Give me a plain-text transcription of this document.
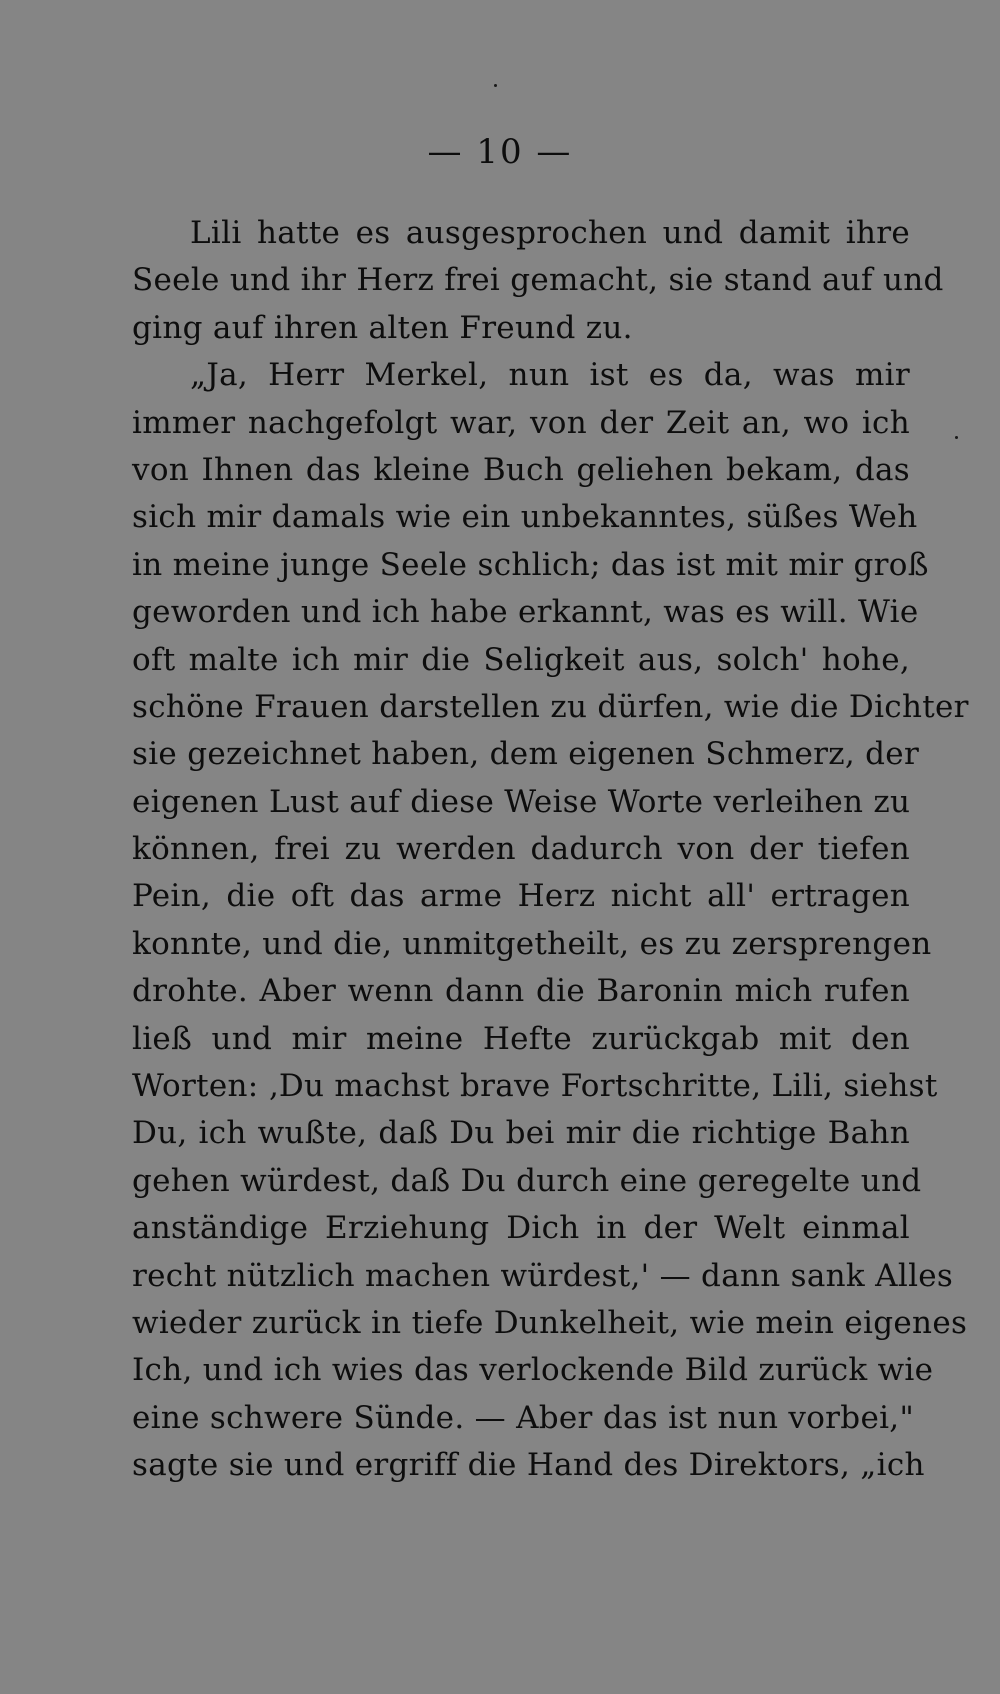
— 10 —
Lili hatte es ausgesprochen und damit ihre
Seele und ihr Herz frei gemacht, sie stand auf und
ging auf ihren alten Freund zu.
„Ja, Herr Merkel, nun ist es da, was mir
immer nachgefolgt war, von der Zeit an, wo ich
von Ihnen das kleine Buch geliehen bekam, das
sich mir damals wie ein unbekanntes, süßes Weh
in meine junge Seele schlich; das ist mit mir groß
geworden und ich habe erkannt, was es will. Wie
oft malte ich mir die Seligkeit aus, solch' hohe,
schöne Frauen darstellen zu dürfen, wie die Dichter
sie gezeichnet haben, dem eigenen Schmerz, der
eigenen Lust auf diese Weise Worte verleihen zu
können, frei zu werden dadurch von der tiefen
Pein, die oft das arme Herz nicht all' ertragen
konnte, und die, unmitgetheilt, es zu zersprengen
drohte. Aber wenn dann die Baronin mich rufen
ließ und mir meine Hefte zurückgab mit den
Worten: ‚Du machst brave Fortschritte, Lili, siehst
Du, ich wußte, daß Du bei mir die richtige Bahn
gehen würdest, daß Du durch eine geregelte und
anständige Erziehung Dich in der Welt einmal
recht nützlich machen würdest,' — dann sank Alles
wieder zurück in tiefe Dunkelheit, wie mein eigenes
Ich, und ich wies das verlockende Bild zurück wie
eine schwere Sünde. — Aber das ist nun vorbei,"
sagte sie und ergriff die Hand des Direktors, „ich
